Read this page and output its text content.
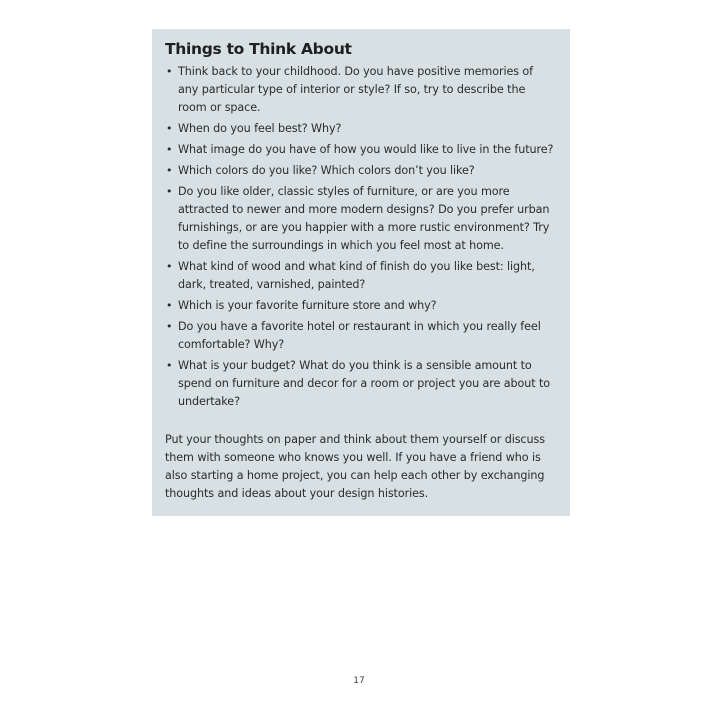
Things to Think About
• Think back to your childhood. Do you have positive memories of any particular type of interior or style? If so, try to describe the room or space.
• When do you feel best? Why?
• What image do you have of how you would like to live in the future?
• Which colors do you like? Which colors don’t you like?
• Do you like older, classic styles of furniture, or are you more attracted to newer and more modern designs? Do you prefer urban furnishings, or are you happier with a more rustic environment? Try to define the surroundings in which you feel most at home.
• What kind of wood and what kind of finish do you like best: light, dark, treated, varnished, painted?
• Which is your favorite furniture store and why?
• Do you have a favorite hotel or restaurant in which you really feel comfortable? Why?
• What is your budget? What do you think is a sensible amount to spend on furniture and decor for a room or project you are about to undertake?

Put your thoughts on paper and think about them yourself or discuss them with someone who knows you well. If you have a friend who is also starting a home project, you can help each other by exchanging thoughts and ideas about your design histories.

17
